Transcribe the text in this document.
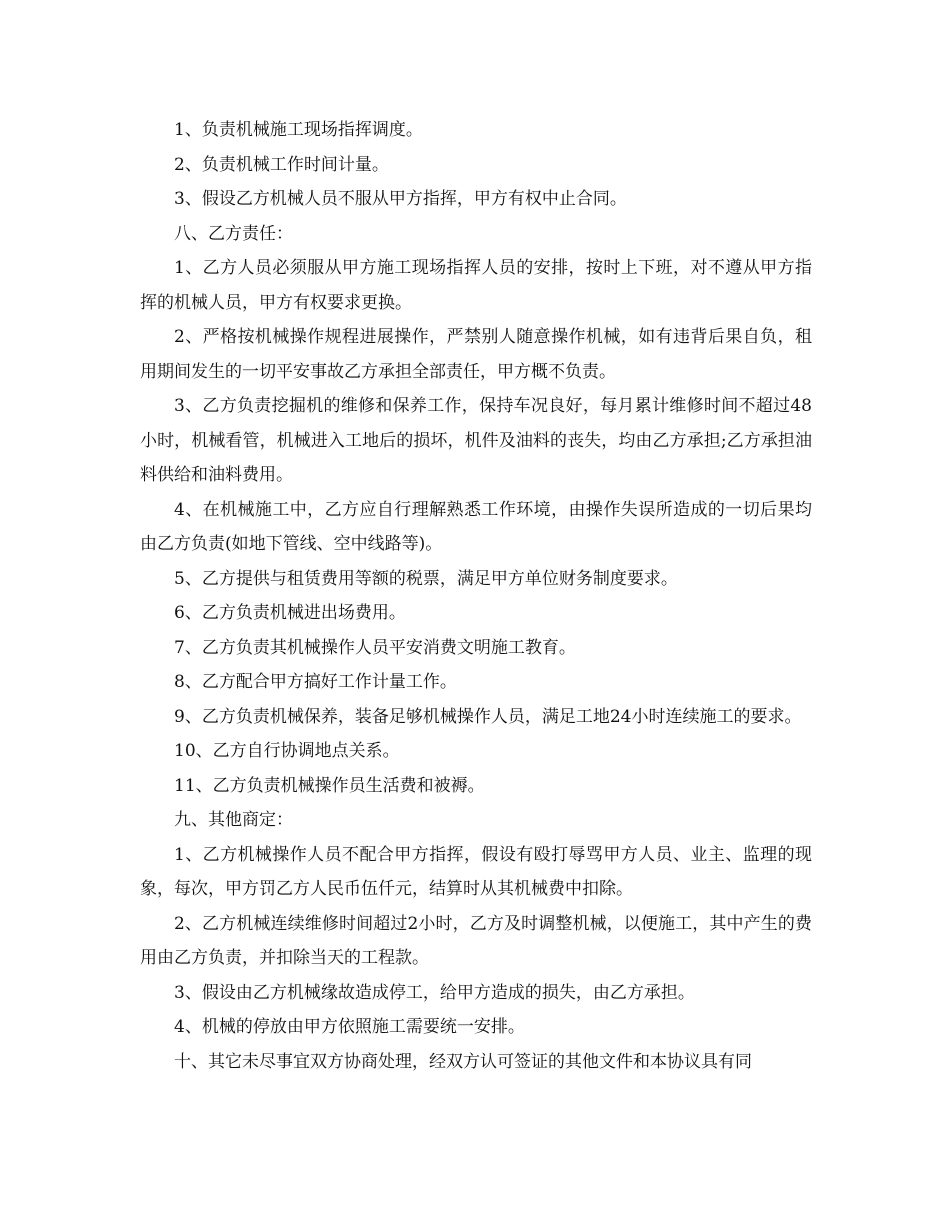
1、负责机械施工现场指挥调度。

2、负责机械工作时间计量。

3、假设乙方机械人员不服从甲方指挥，甲方有权中止合同。

八、乙方责任：

1、乙方人员必须服从甲方施工现场指挥人员的安排，按时上下班，对不遵从甲方指挥的机械人员，甲方有权要求更换。

2、严格按机械操作规程进展操作，严禁别人随意操作机械，如有违背后果自负，租用期间发生的一切平安事故乙方承担全部责任，甲方概不负责。

3、乙方负责挖掘机的维修和保养工作，保持车况良好，每月累计维修时间不超过48小时，机械看管，机械进入工地后的损坏，机件及油料的丧失，均由乙方承担;乙方承担油料供给和油料费用。

4、在机械施工中，乙方应自行理解熟悉工作环境，由操作失误所造成的一切后果均由乙方负责(如地下管线、空中线路等)。

5、乙方提供与租赁费用等额的税票，满足甲方单位财务制度要求。

6、乙方负责机械进出场费用。

7、乙方负责其机械操作人员平安消费文明施工教育。

8、乙方配合甲方搞好工作计量工作。

9、乙方负责机械保养，装备足够机械操作人员，满足工地24小时连续施工的要求。

10、乙方自行协调地点关系。

11、乙方负责机械操作员生活费和被褥。

九、其他商定：

1、乙方机械操作人员不配合甲方指挥，假设有殴打辱骂甲方人员、业主、监理的现象，每次，甲方罚乙方人民币伍仟元，结算时从其机械费中扣除。

2、乙方机械连续维修时间超过2小时，乙方及时调整机械，以便施工，其中产生的费用由乙方负责，并扣除当天的工程款。

3、假设由乙方机械缘故造成停工，给甲方造成的损失，由乙方承担。

4、机械的停放由甲方依照施工需要统一安排。

十、其它未尽事宜双方协商处理，经双方认可签证的其他文件和本协议具有同
